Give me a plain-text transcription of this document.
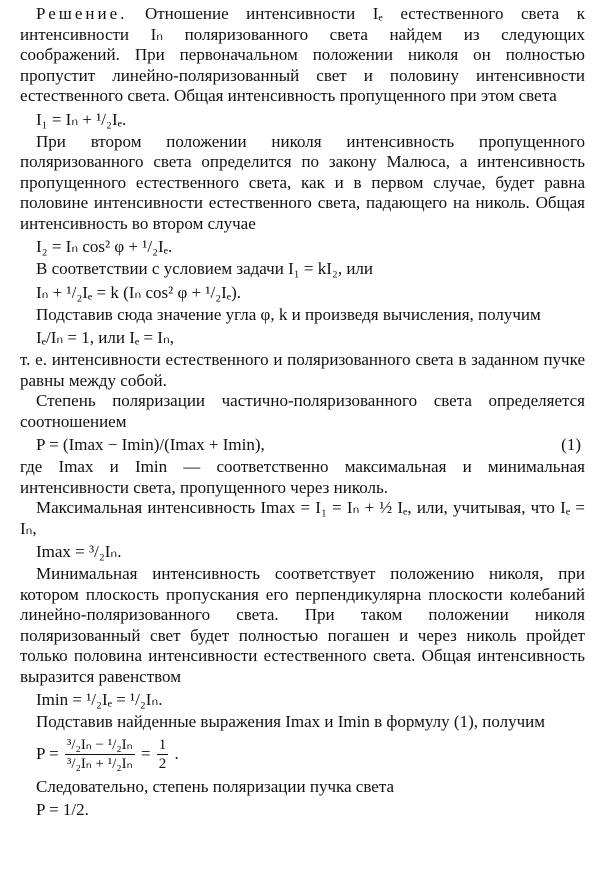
Решение. Отношение интенсивности Iₑ естественного света к интенсивности Iₙ поляризованного света найдем из следующих соображений. При первоначальном положении николя он полностью пропустит линейно-поляризованный свет и половину интенсивности естественного света. Общая интенсивность пропущенного при этом света

I₁ = Iₙ + ¹/₂Iₑ.

При втором положении николя интенсивность пропущенного поляризованного света определится по закону Малюса, а интенсивность пропущенного естественного света, как и в первом случае, будет равна половине интенсивности естественного света, падающего на николь. Общая интенсивность во втором случае

I₂ = Iₙ cos² φ + ¹/₂Iₑ.

В соответствии с условием задачи I₁ = kI₂, или

Iₙ + ¹/₂Iₑ = k (Iₙ cos² φ + ¹/₂Iₑ).

Подставив сюда значение угла φ, k и произведя вычисления, получим

Iₑ/Iₙ = 1, или Iₑ = Iₙ,

т. е. интенсивности естественного и поляризованного света в заданном пучке равны между собой.

Степень поляризации частично-поляризованного света определяется соотношением

P = (Imax − Imin)/(Imax + Imin),	(1)

где Imax и Imin — соответственно максимальная и минимальная интенсивности света, пропущенного через николь.

Максимальная интенсивность Imax = I₁ = Iₙ + ½ Iₑ, или, учитывая, что Iₑ = Iₙ,

Imax = ³/₂Iₙ.

Минимальная интенсивность соответствует положению николя, при котором плоскость пропускания его перпендикулярна плоскости колебаний линейно-поляризованного света. При таком положении николя поляризованный свет будет полностью погашен и через николь пройдет только половина интенсивности естественного света. Общая интенсивность выразится равенством

Imin = ¹/₂Iₑ = ¹/₂Iₙ.

Подставив найденные выражения Imax и Imin в формулу (1), получим

$P = \frac{\text{³/₂Iₙ − ¹/₂Iₙ}}{\text{³/₂Iₙ + ¹/₂Iₙ}} = \frac{1}{2}$ .

Следовательно, степень поляризации пучка света

P = 1/2.
